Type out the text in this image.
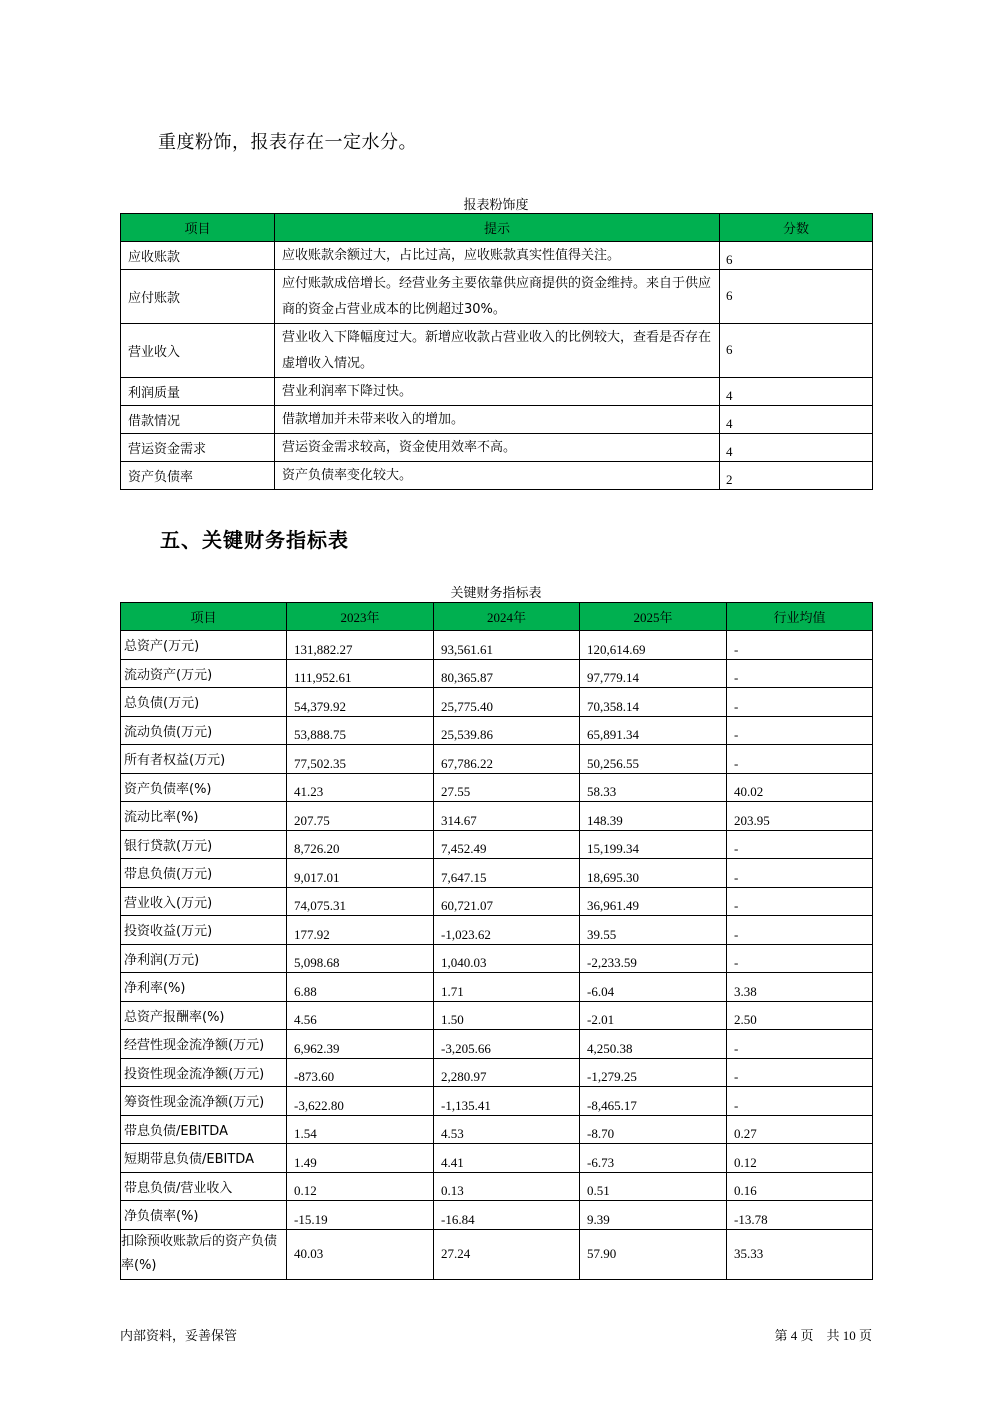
重度粉饰，报表存在一定水分。
报表粉饰度
项目	提示	分数
应收账款	应收账款余额过大，占比过高，应收账款真实性值得关注。	6
应付账款	应付账款成倍增长。经营业务主要依靠供应商提供的资金维持。来自于供应商的资金占营业成本的比例超过30%。	6
营业收入	营业收入下降幅度过大。新增应收款占营业收入的比例较大，查看是否存在虚增收入情况。	6
利润质量	营业利润率下降过快。	4
借款情况	借款增加并未带来收入的增加。	4
营运资金需求	营运资金需求较高，资金使用效率不高。	4
资产负债率	资产负债率变化较大。	2
五、关键财务指标表
关键财务指标表
项目	2023年	2024年	2025年	行业均值
总资产(万元)	131,882.27	93,561.61	120,614.69	-
流动资产(万元)	111,952.61	80,365.87	97,779.14	-
总负债(万元)	54,379.92	25,775.40	70,358.14	-
流动负债(万元)	53,888.75	25,539.86	65,891.34	-
所有者权益(万元)	77,502.35	67,786.22	50,256.55	-
资产负债率(%)	41.23	27.55	58.33	40.02
流动比率(%)	207.75	314.67	148.39	203.95
银行贷款(万元)	8,726.20	7,452.49	15,199.34	-
带息负债(万元)	9,017.01	7,647.15	18,695.30	-
营业收入(万元)	74,075.31	60,721.07	36,961.49	-
投资收益(万元)	177.92	-1,023.62	39.55	-
净利润(万元)	5,098.68	1,040.03	-2,233.59	-
净利率(%)	6.88	1.71	-6.04	3.38
总资产报酬率(%)	4.56	1.50	-2.01	2.50
经营性现金流净额(万元)	6,962.39	-3,205.66	4,250.38	-
投资性现金流净额(万元)	-873.60	2,280.97	-1,279.25	-
筹资性现金流净额(万元)	-3,622.80	-1,135.41	-8,465.17	-
带息负债/EBITDA	1.54	4.53	-8.70	0.27
短期带息负债/EBITDA	1.49	4.41	-6.73	0.12
带息负债/营业收入	0.12	0.13	0.51	0.16
净负债率(%)	-15.19	-16.84	9.39	-13.78
扣除预收账款后的资产负债率(%)	40.03	27.24	57.90	35.33
内部资料，妥善保管	第 4 页　共 10 页
